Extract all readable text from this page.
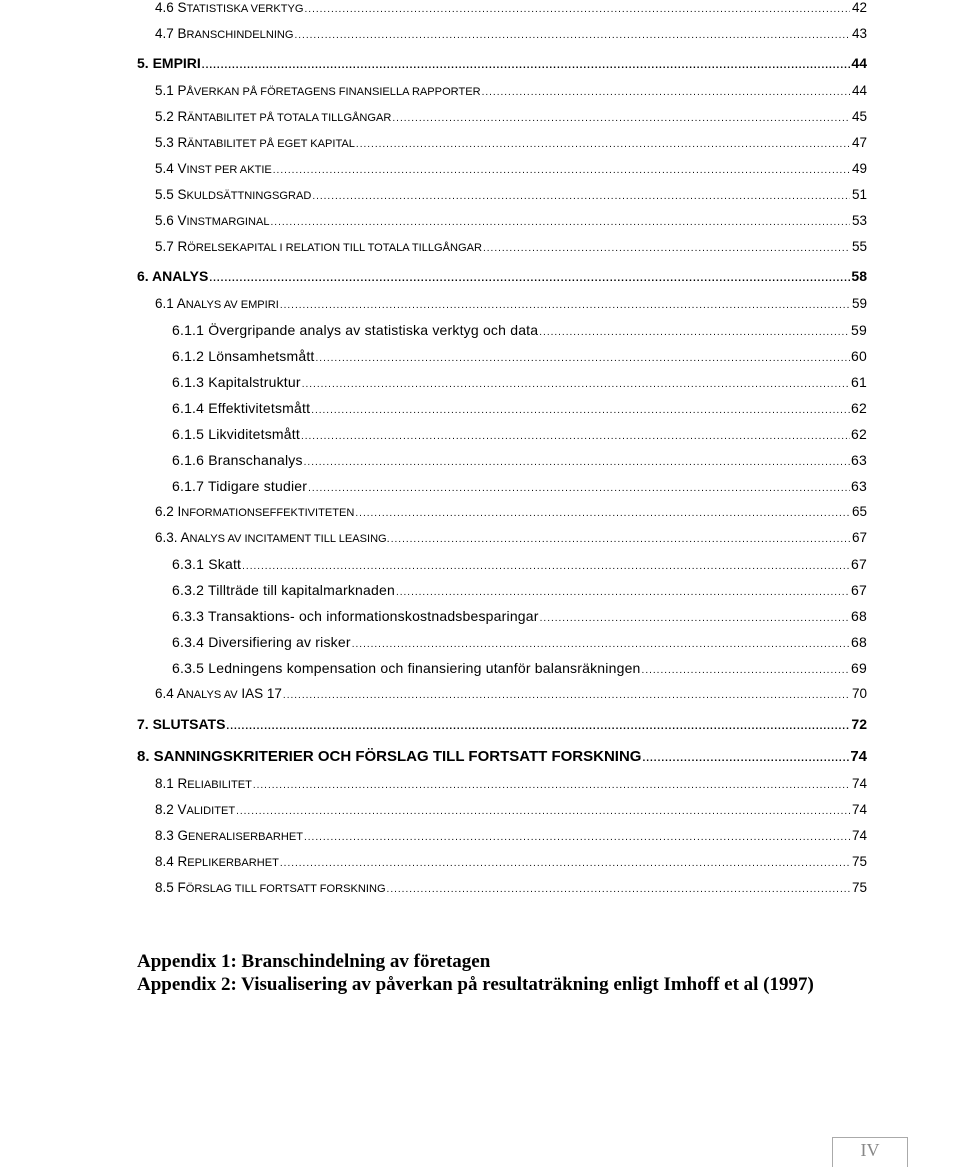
4.6 STATISTISKA VERKTYG .....	42
4.7 BRANSCHINDELNING .....	43
5. EMPIRI .....	44
5.1 PÅVERKAN PÅ FÖRETAGENS FINANSIELLA RAPPORTER .....	44
5.2 RÄNTABILITET PÅ TOTALA TILLGÅNGAR .....	45
5.3 RÄNTABILITET PÅ EGET KAPITAL .....	47
5.4 VINST PER AKTIE .....	49
5.5 SKULDSÄTTNINGSGRAD .....	51
5.6 VINSTMARGINAL .....	53
5.7 RÖRELSEKAPITAL I RELATION TILL TOTALA TILLGÅNGAR .....	55
6. ANALYS .....	58
6.1 ANALYS AV EMPIRI .....	59
6.1.1 Övergripande analys av statistiska verktyg och data .....	59
6.1.2 Lönsamhetsmått .....	60
6.1.3 Kapitalstruktur .....	61
6.1.4 Effektivitetsmått .....	62
6.1.5 Likviditetsmått .....	62
6.1.6 Branschanalys .....	63
6.1.7 Tidigare studier .....	63
6.2 INFORMATIONSEFFEKTIVITETEN .....	65
6.3. ANALYS AV INCITAMENT TILL LEASING. .....	67
6.3.1 Skatt .....	67
6.3.2 Tillträde till kapitalmarknaden .....	67
6.3.3 Transaktions- och informationskostnadsbesparingar .....	68
6.3.4 Diversifiering av risker .....	68
6.3.5 Ledningens kompensation och finansiering utanför balansräkningen .....	69
6.4 ANALYS AV IAS 17 .....	70
7. SLUTSATS .....	72
8. SANNINGSKRITERIER OCH FÖRSLAG TILL FORTSATT FORSKNING .....	74
8.1 RELIABILITET .....	74
8.2 VALIDITET .....	74
8.3 GENERALISERBARHET .....	74
8.4 REPLIKERBARHET .....	75
8.5 FÖRSLAG TILL FORTSATT FORSKNING .....	75
Appendix 1: Branschindelning av företagen
Appendix 2: Visualisering av påverkan på resultaträkning enligt Imhoff et al (1997)
IV
